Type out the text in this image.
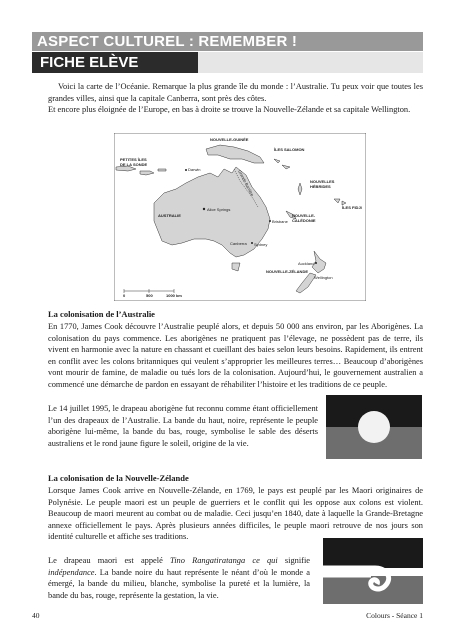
ASPECT CULTUREL : REMEMBER !
FICHE ELÈVE

Voici la carte de l’Océanie. Remarque la plus grande île du monde : l’Australie. Tu peux voir que toutes les grandes villes, ainsi que la capitale Canberra, sont près des côtes.

Et encore plus éloignée de l’Europe, en bas à droite se trouve la Nouvelle-Zélande et sa capitale Wellington.

0	500	1000 km
NOUVELLE-GUINÉE
ÎLES SALOMON
PETITES ÎLES
DE LA SONDE
Darwin	Grande Barrière	NOUVELLES
HÉBRIDES
ÎLES FIDJI
AUSTRALIE
Alice Springs
Brisbane
NOUVELLE-
CALÉDONIE
Canberra Sydney
Auckland
NOUVELLE-ZÉLANDE
Wellington
La colonisation de l’Australie

En 1770, James Cook découvre l’Australie peuplé alors, et depuis 50 000 ans environ, par les Aborigènes. La colonisation du pays commence. Les aborigènes ne pratiquent pas l’élevage, ne possèdent pas de terre, ils vivent en harmonie avec la nature en chassant et cueillant des baies selon leurs besoins. Rapidement, ils entrent en conflit avec les colons britanniques qui veulent s’approprier les meilleures terres… Beaucoup d’aborigènes vont mourir de famine, de maladie ou tués lors de la colonisation. Aujourd’hui, le gouvernement australien a commencé une démarche de pardon en essayant de réhabiliter l’histoire et les traditions de ce peuple.

Le 14 juillet 1995, le drapeau aborigène fut reconnu comme étant officiellement l’un des drapeaux de l’Australie. La bande du haut, noire, représente le peuple aborigène lui-même, la bande du bas, rouge, symbolise le sable des déserts australiens et le rond jaune figure le soleil, origine de la vie.

La colonisation de la Nouvelle-Zélande

Lorsque James Cook arrive en Nouvelle-Zélande, en 1769, le pays est peuplé par les Maori originaires de Polynésie. Le peuple maori est un peuple de guerriers et le conflit qui les oppose aux colons est violent. Beaucoup de maori meurent au combat ou de maladie. Ceci jusqu’en 1840, date à laquelle la Grande-Bretagne annexe officiellement le pays. Après plusieurs années difficiles, le peuple maori retrouve de nos jours son identité culturelle et affiche ses traditions.

Le drapeau maori est appelé Tino Rangatiratanga ce qui signifie indépendance. La bande noire du haut représente le néant d’où le monde a émergé, la bande du milieu, blanche, symbolise la pureté et la lumière, la bande du bas, rouge, représente la gestation, la vie.

40	Colours - Séance 1
